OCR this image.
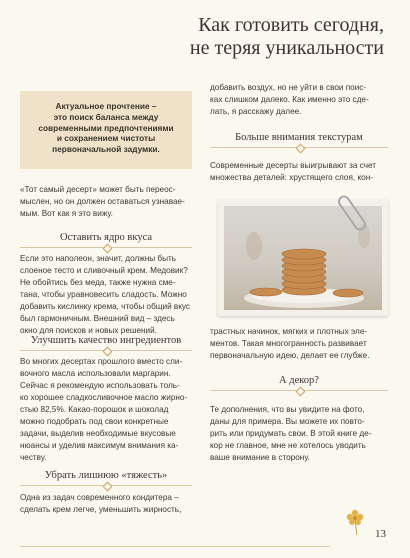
Как готовить сегодня,
не теряя уникальности
Актуальное прочтение –
это поиск баланса между
современными предпочтениями
и сохранением чистоты
первоначальной задумки.
«Тот самый десерт» может быть переос-
мыслен, но он должен оставаться узнавае-
мым. Вот как я это вижу.
Оставить ядро вкуса
Если это наполеон, значит, должны быть
слоеное тесто и сливочный крем. Медовик?
Не обойтись без меда, также нужна сме-
тана, чтобы уравновесить сладость. Можно
добавить кислинку крема, чтобы общий вкус
был гармоничным. Внешний вид – здесь
окно для поисков и новых решений.
Улучшить качество ингредиентов
Во многих десертах прошлого вместо сли-
вочного масла использовали маргарин.
Сейчас я рекомендую использовать толь-
ко хорошее сладкосливочное масло жирно-
стью 82,5%. Какао-порошок и шоколад
можно подобрать под свои конкретные
задачи, выделив необходимые вкусовые
нюансы и уделив максимум внимания ка-
честву.
Убрать лишнюю «тяжесть»
Одна из задач современного кондитера –
сделать крем легче, уменьшить жирность,
добавить воздух, но не уйти в свои поис-
ках слишком далеко. Как именно это сде-
лать, я расскажу далее.
Больше внимания текстурам
Современные десерты выигрывают за счет
множества деталей: хрустящего слоя, кон-
трастных начинок, мягких и плотных эле-
ментов. Такая многогранность развивает
первоначальную идею, делает ее глубже.
А декор?
Те дополнения, что вы увидите на фото,
даны для примера. Вы можете их повто-
рить или придумать свои. В этой книге де-
кор не главное, мне не хотелось уводить
ваше внимание в сторону.
13
